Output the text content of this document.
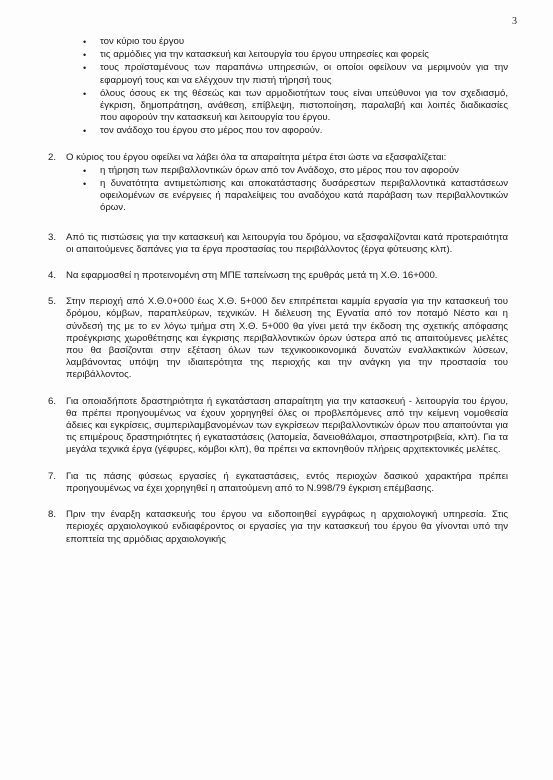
3
• τον κύριο του έργου
• τις αρμόδιες για την κατασκευή και λειτουργία του έργου υπηρεσίες και φορείς
• τους προϊσταμένους των παραπάνω υπηρεσιών, οι οποίοι οφείλουν να μεριμνούν για την εφαρμογή τους και να ελέγχουν την πιστή τήρησή τους
• όλους όσους εκ της θέσεώς και των αρμοδιοτήτων τους είναι υπεύθυνοι για τον σχεδιασμό, έγκριση, δημοπράτηση, ανάθεση, επίβλεψη, πιστοποίηση, παραλαβή και λοιπές διαδικασίες που αφορούν την κατασκευή και λειτουργία του έργου.
• τον ανάδοχο του έργου στο μέρος που τον αφορούν.
2.	Ο κύριος του έργου οφείλει να λάβει όλα τα απαραίτητα μέτρα έτσι ώστε να εξασφαλίζεται:

• η τήρηση των περιβαλλοντικών όρων από τον Ανάδοχο, στο μέρος που τον αφορούν
• η δυνατότητα αντιμετώπισης και αποκατάστασης δυσάρεστων περιβαλλοντικά καταστάσεων οφειλομένων σε ενέργειες ή παραλείψεις του αναδόχου κατά παράβαση των περιβαλλοντικών όρων.
3.	Από τις πιστώσεις για την κατασκευή και λειτουργία του δρόμου, να εξασφαλίζονται κατά προτεραιότητα οι απαιτούμενες δαπάνες για τα έργα προστασίας του περιβάλλοντος (έργα φύτευσης κλπ).

4.	Να εφαρμοσθεί η προτεινομένη στη ΜΠΕ ταπείνωση της ερυθράς μετά τη Χ.Θ. 16+000.

5.	Στην περιοχή από Χ.Θ.0+000 έως Χ.Θ. 5+000 δεν επιτρέπεται καμμία εργασία για την κατασκευή του δρόμου, κόμβων, παραπλεύρων, τεχνικών. Η διέλευση της Εγνατία από τον ποταμό Νέστο και η σύνδεσή της με το εν λόγω τμήμα στη Χ.Θ. 5+000 θα γίνει μετά την έκδοση της σχετικής απόφασης προέγκρισης χωροθέτησης και έγκρισης περιβαλλοντικών όρων ύστερα από τις απαιτούμενες μελέτες που θα βασίζονται στην εξέταση όλων των τεχνικοοικονομικά δυνατών εναλλακτικών λύσεων, λαμβάνοντας υπόψη την ιδιαιτερότητα της περιοχής και την ανάγκη για την προστασία του περιβάλλοντος.

6.	Για οποιαδήποτε δραστηριότητα ή εγκατάσταση απαραίτητη για την κατασκευή - λειτουργία του έργου, θα πρέπει προηγουμένως να έχουν χορηγηθεί όλες οι προβλεπόμενες από την κείμενη νομοθεσία άδειες και εγκρίσεις, συμπεριλαμβανομένων των εγκρίσεων περιβαλλοντικών όρων που απαιτούνται για τις επιμέρους δραστηριότητες ή εγκαταστάσεις (λατομεία, δανειοθάλαμοι, σπαστηροτριβεία, κλπ). Για τα μεγάλα τεχνικά έργα (γέφυρες, κόμβοι κλπ), θα πρέπει να εκπονηθούν πλήρεις αρχιτεκτονικές μελέτες.

7.	Για τις πάσης φύσεως εργασίες ή εγκαταστάσεις, εντός περιοχών δασικού χαρακτήρα πρέπει προηγουμένως να έχει χορηγηθεί η απαιτούμενη από το Ν.998/79 έγκριση επέμβασης.

8.	Πριν την έναρξη κατασκευής του έργου να ειδοποιηθεί εγγράφως η αρχαιολογική υπηρεσία. Στις περιοχές αρχαιολογικού ενδιαφέροντος οι εργασίες για την κατασκευή του έργου θα γίνονται υπό την εποπτεία της αρμόδιας αρχαιολογικής
